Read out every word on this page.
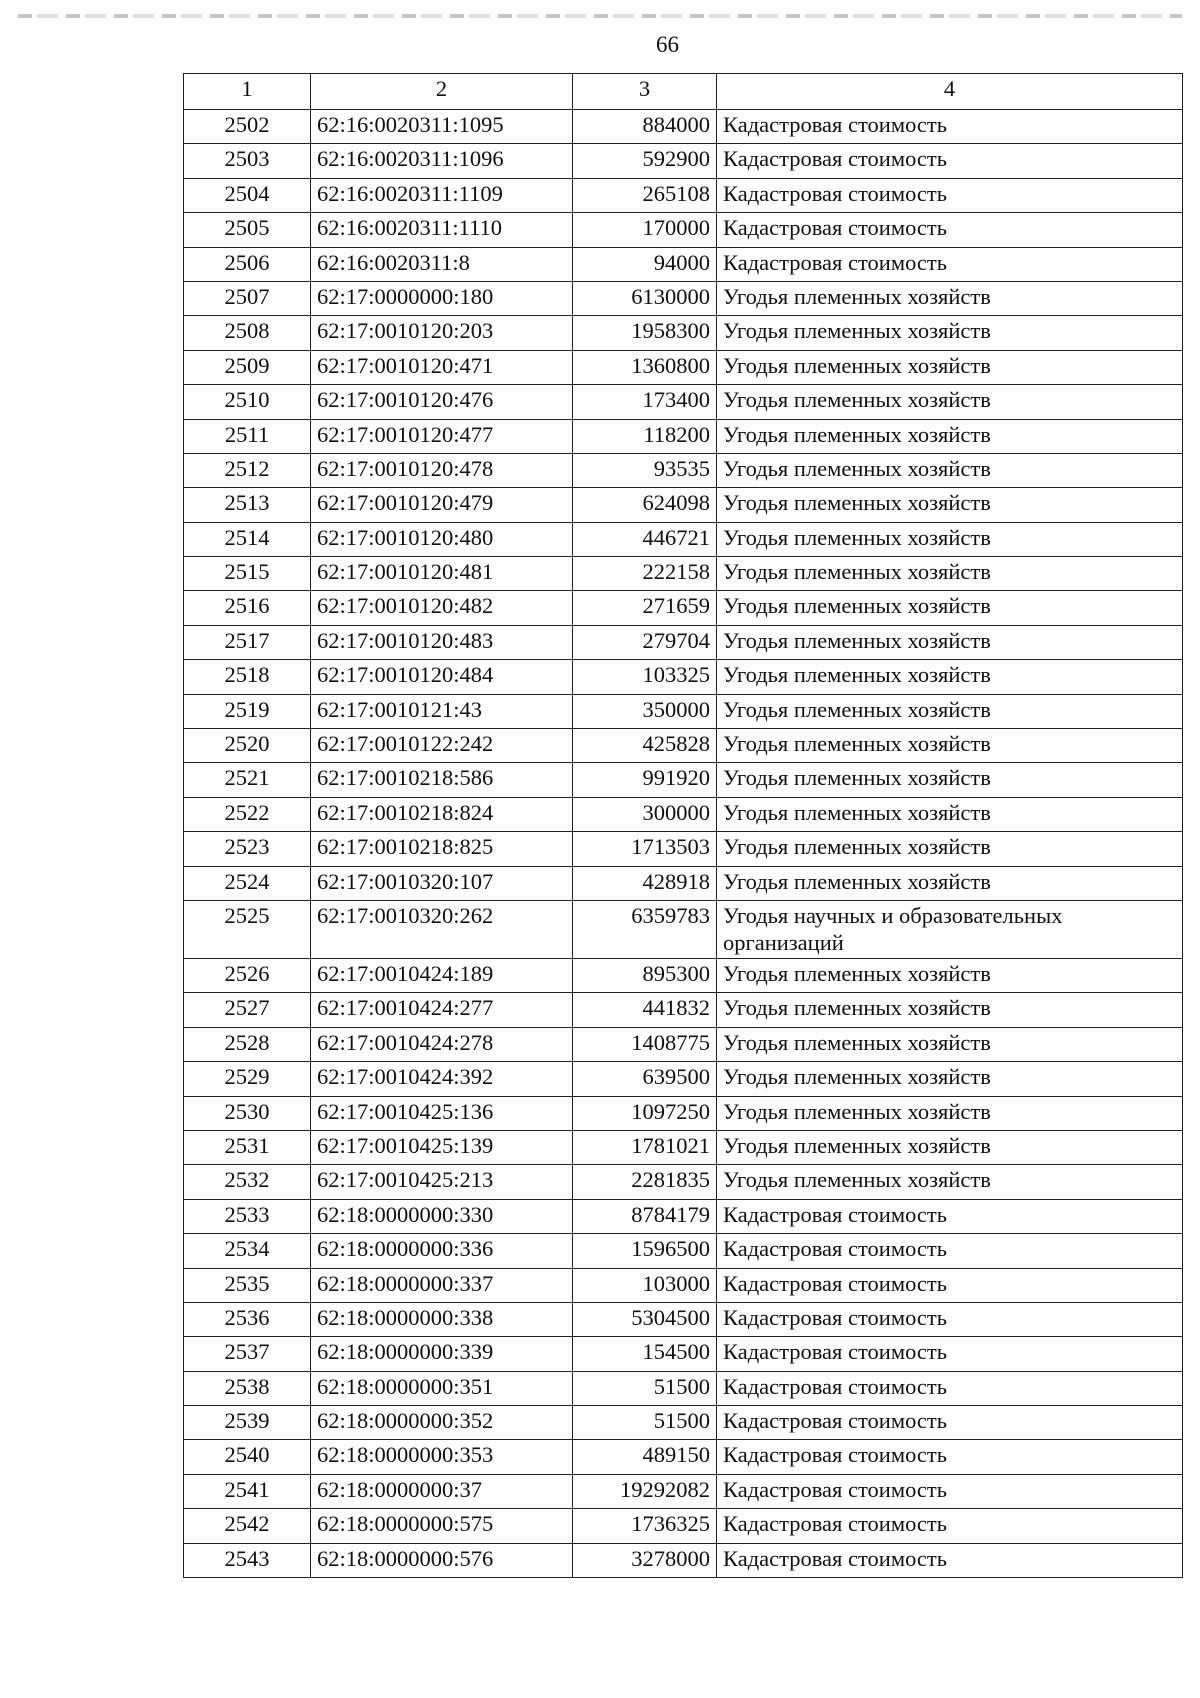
66
1	2	3	4
2502	62:16:0020311:1095	884000	Кадастровая стоимость
2503	62:16:0020311:1096	592900	Кадастровая стоимость
2504	62:16:0020311:1109	265108	Кадастровая стоимость
2505	62:16:0020311:1110	170000	Кадастровая стоимость
2506	62:16:0020311:8	94000	Кадастровая стоимость
2507	62:17:0000000:180	6130000	Угодья племенных хозяйств
2508	62:17:0010120:203	1958300	Угодья племенных хозяйств
2509	62:17:0010120:471	1360800	Угодья племенных хозяйств
2510	62:17:0010120:476	173400	Угодья племенных хозяйств
2511	62:17:0010120:477	118200	Угодья племенных хозяйств
2512	62:17:0010120:478	93535	Угодья племенных хозяйств
2513	62:17:0010120:479	624098	Угодья племенных хозяйств
2514	62:17:0010120:480	446721	Угодья племенных хозяйств
2515	62:17:0010120:481	222158	Угодья племенных хозяйств
2516	62:17:0010120:482	271659	Угодья племенных хозяйств
2517	62:17:0010120:483	279704	Угодья племенных хозяйств
2518	62:17:0010120:484	103325	Угодья племенных хозяйств
2519	62:17:0010121:43	350000	Угодья племенных хозяйств
2520	62:17:0010122:242	425828	Угодья племенных хозяйств
2521	62:17:0010218:586	991920	Угодья племенных хозяйств
2522	62:17:0010218:824	300000	Угодья племенных хозяйств
2523	62:17:0010218:825	1713503	Угодья племенных хозяйств
2524	62:17:0010320:107	428918	Угодья племенных хозяйств
2525	62:17:0010320:262	6359783	Угодья научных и образовательных организаций
2526	62:17:0010424:189	895300	Угодья племенных хозяйств
2527	62:17:0010424:277	441832	Угодья племенных хозяйств
2528	62:17:0010424:278	1408775	Угодья племенных хозяйств
2529	62:17:0010424:392	639500	Угодья племенных хозяйств
2530	62:17:0010425:136	1097250	Угодья племенных хозяйств
2531	62:17:0010425:139	1781021	Угодья племенных хозяйств
2532	62:17:0010425:213	2281835	Угодья племенных хозяйств
2533	62:18:0000000:330	8784179	Кадастровая стоимость
2534	62:18:0000000:336	1596500	Кадастровая стоимость
2535	62:18:0000000:337	103000	Кадастровая стоимость
2536	62:18:0000000:338	5304500	Кадастровая стоимость
2537	62:18:0000000:339	154500	Кадастровая стоимость
2538	62:18:0000000:351	51500	Кадастровая стоимость
2539	62:18:0000000:352	51500	Кадастровая стоимость
2540	62:18:0000000:353	489150	Кадастровая стоимость
2541	62:18:0000000:37	19292082	Кадастровая стоимость
2542	62:18:0000000:575	1736325	Кадастровая стоимость
2543	62:18:0000000:576	3278000	Кадастровая стоимость
